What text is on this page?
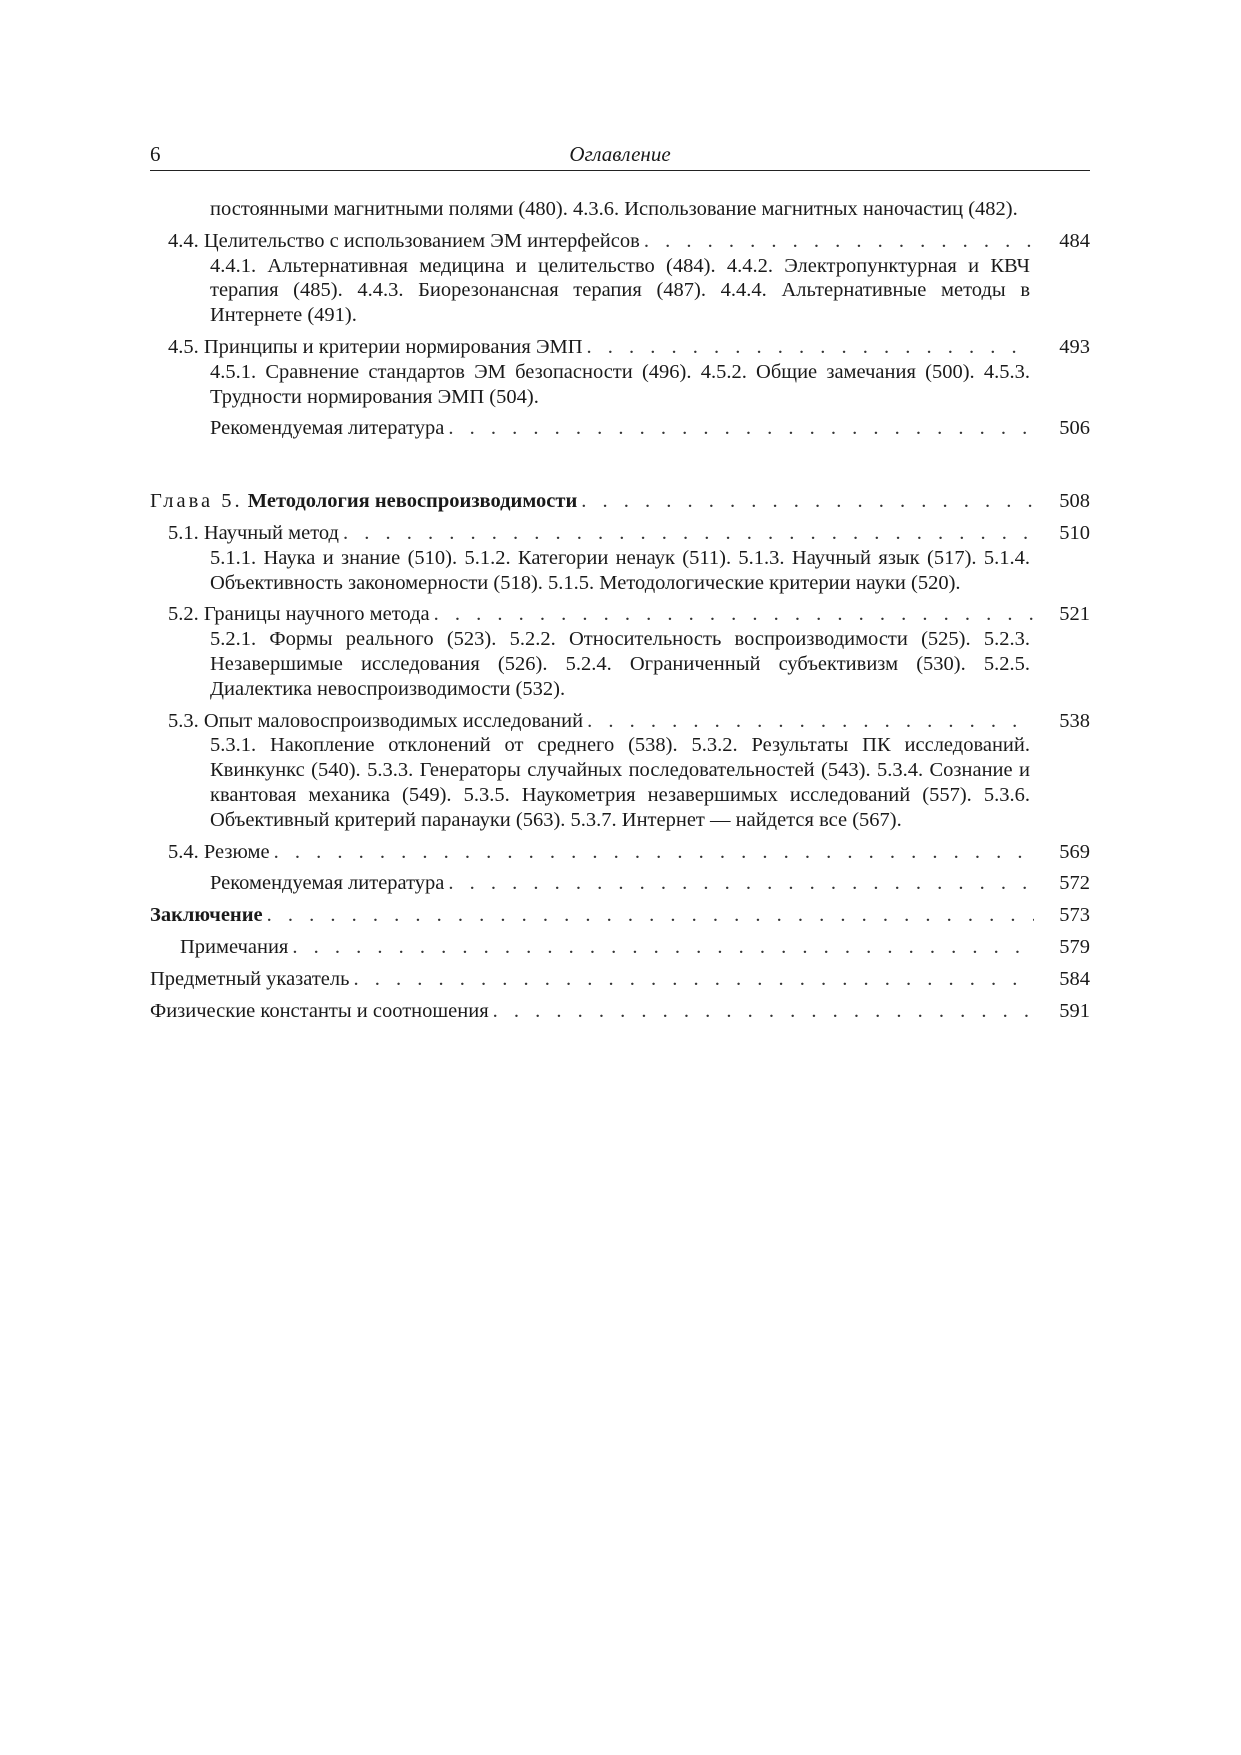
6	Оглавление
постоянными магнитными полями (480). 4.3.6. Использование магнитных наночастиц (482).
4.4. Целительство с использованием ЭМ интерфейсов . . .	484
4.4.1. Альтернативная медицина и целительство (484). 4.4.2. Электропунктурная и КВЧ терапия (485). 4.4.3. Биорезонансная терапия (487). 4.4.4. Альтернативные методы в Интернете (491).
4.5. Принципы и критерии нормирования ЭМП . . .	493
4.5.1. Сравнение стандартов ЭМ безопасности (496). 4.5.2. Общие замечания (500). 4.5.3. Трудности нормирования ЭМП (504).
Рекомендуемая литература . . .	506
Глава 5. Методология невоспроизводимости . . .	508
5.1. Научный метод . . .	510
5.1.1. Наука и знание (510). 5.1.2. Категории ненаук (511). 5.1.3. Научный язык (517). 5.1.4. Объективность закономерности (518). 5.1.5. Методологические критерии науки (520).
5.2. Границы научного метода . . .	521
5.2.1. Формы реального (523). 5.2.2. Относительность воспроизводимости (525). 5.2.3. Незавершимые исследования (526). 5.2.4. Ограниченный субъективизм (530). 5.2.5. Диалектика невоспроизводимости (532).
5.3. Опыт маловоспроизводимых исследований . . .	538
5.3.1. Накопление отклонений от среднего (538). 5.3.2. Результаты ПК исследований. Квинкункс (540). 5.3.3. Генераторы случайных последовательностей (543). 5.3.4. Сознание и квантовая механика (549). 5.3.5. Наукометрия незавершимых исследований (557). 5.3.6. Объективный критерий паранауки (563). 5.3.7. Интернет — найдется все (567).
5.4. Резюме . . .	569
Рекомендуемая литература . . .	572
Заключение . . .	573
Примечания . . .	579
Предметный указатель . . .	584
Физические константы и соотношения . . .	591
